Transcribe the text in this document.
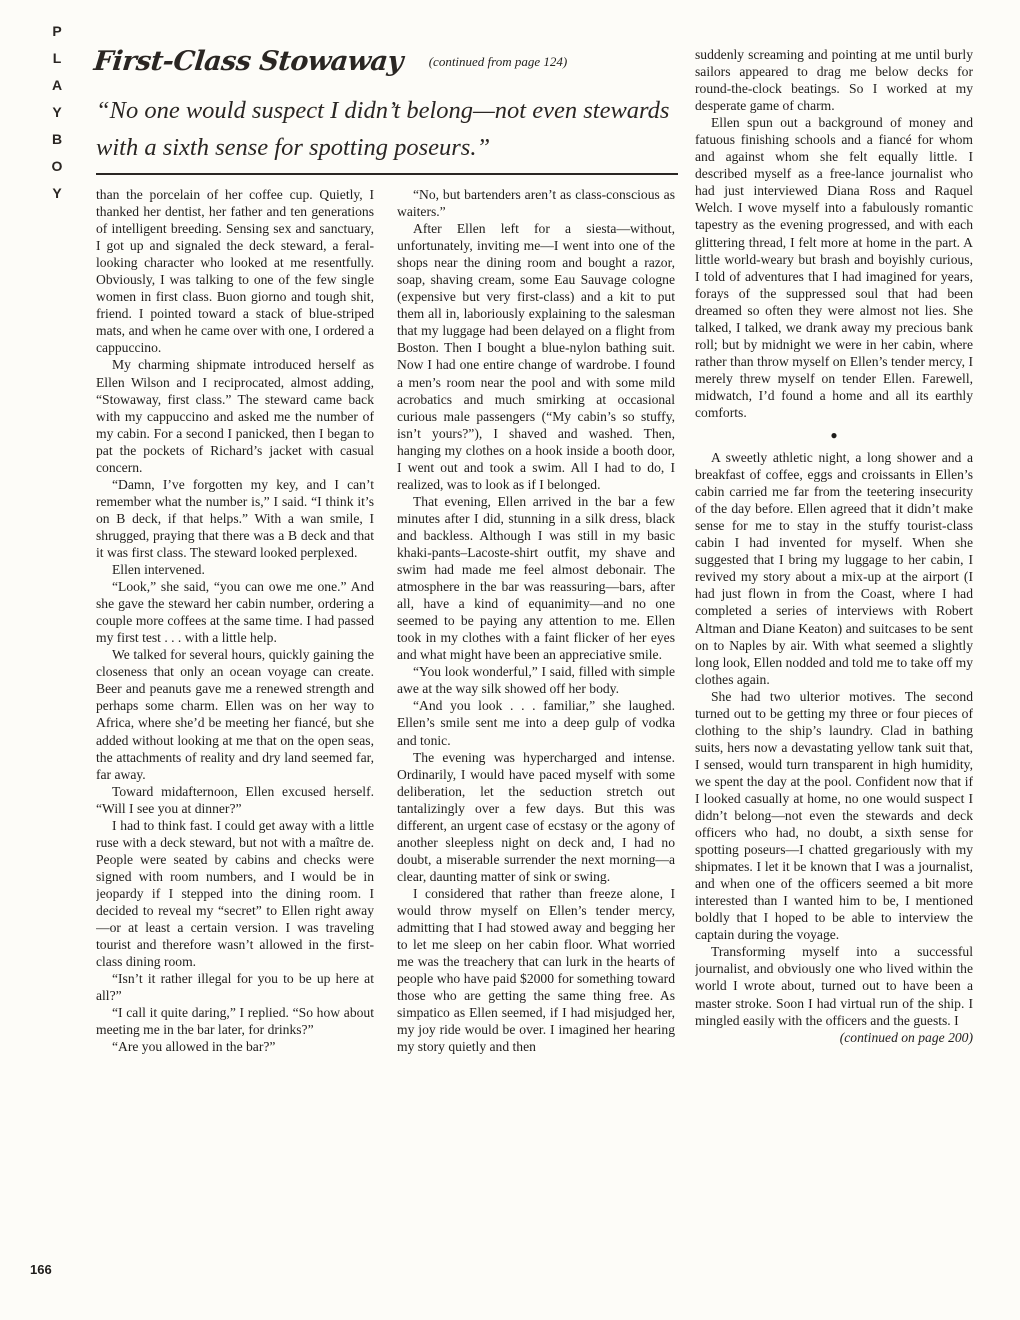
P
L
A
Y
B
O
Y
First-Class Stowaway $^{(continued from page 124)}$

“No one would suspect I didn’t belong—not even stewards with a sixth sense for spotting poseurs.”

than the porcelain of her coffee cup. Quietly, I thanked her dentist, her father and ten generations of intelligent breeding. Sensing sex and sanctuary, I got up and signaled the deck steward, a feral-looking character who looked at me resentfully. Obviously, I was talking to one of the few single women in first class. Buon giorno and tough shit, friend. I pointed toward a stack of blue-striped mats, and when he came over with one, I ordered a cappuccino.

My charming shipmate introduced herself as Ellen Wilson and I reciprocated, almost adding, “Stowaway, first class.” The steward came back with my cappuccino and asked me the number of my cabin. For a second I panicked, then I began to pat the pockets of Richard’s jacket with casual concern.

“Damn, I’ve forgotten my key, and I can’t remember what the number is,” I said. “I think it’s on B deck, if that helps.” With a wan smile, I shrugged, praying that there was a B deck and that it was first class. The steward looked perplexed.

Ellen intervened.

“Look,” she said, “you can owe me one.” And she gave the steward her cabin number, ordering a couple more coffees at the same time. I had passed my first test . . . with a little help.

We talked for several hours, quickly gaining the closeness that only an ocean voyage can create. Beer and peanuts gave me a renewed strength and perhaps some charm. Ellen was on her way to Africa, where she’d be meeting her fiancé, but she added without looking at me that on the open seas, the attachments of reality and dry land seemed far, far away.

Toward midafternoon, Ellen excused herself. “Will I see you at dinner?”

I had to think fast. I could get away with a little ruse with a deck steward, but not with a maître de. People were seated by cabins and checks were signed with room numbers, and I would be in jeopardy if I stepped into the dining room. I decided to reveal my “secret” to Ellen right away—or at least a certain version. I was traveling tourist and therefore wasn’t allowed in the first-class dining room.

“Isn’t it rather illegal for you to be up here at all?”

“I call it quite daring,” I replied. “So how about meeting me in the bar later, for drinks?”

“Are you allowed in the bar?”

“No, but bartenders aren’t as class-conscious as waiters.”

After Ellen left for a siesta—without, unfortunately, inviting me—I went into one of the shops near the dining room and bought a razor, soap, shaving cream, some Eau Sauvage cologne (expensive but very first-class) and a kit to put them all in, laboriously explaining to the salesman that my luggage had been delayed on a flight from Boston. Then I bought a blue-nylon bathing suit. Now I had one entire change of wardrobe. I found a men’s room near the pool and with some mild acrobatics and much smirking at occasional curious male passengers (“My cabin’s so stuffy, isn’t yours?”), I shaved and washed. Then, hanging my clothes on a hook inside a booth door, I went out and took a swim. All I had to do, I realized, was to look as if I belonged.

That evening, Ellen arrived in the bar a few minutes after I did, stunning in a silk dress, black and backless. Although I was still in my basic khaki-pants–Lacoste-shirt outfit, my shave and swim had made me feel almost debonair. The atmosphere in the bar was reassuring—bars, after all, have a kind of equanimity—and no one seemed to be paying any attention to me. Ellen took in my clothes with a faint flicker of her eyes and what might have been an appreciative smile.

“You look wonderful,” I said, filled with simple awe at the way silk showed off her body.

“And you look . . . familiar,” she laughed. Ellen’s smile sent me into a deep gulp of vodka and tonic.

The evening was hypercharged and intense. Ordinarily, I would have paced myself with some deliberation, let the seduction stretch out tantalizingly over a few days. But this was different, an urgent case of ecstasy or the agony of another sleepless night on deck and, I had no doubt, a miserable surrender the next morning—a clear, daunting matter of sink or swing.

I considered that rather than freeze alone, I would throw myself on Ellen’s tender mercy, admitting that I had stowed away and begging her to let me sleep on her cabin floor. What worried me was the treachery that can lurk in the hearts of people who have paid $2000 for something toward those who are getting the same thing free. As simpatico as Ellen seemed, if I had misjudged her, my joy ride would be over. I imagined her hearing my story quietly and then

suddenly screaming and pointing at me until burly sailors appeared to drag me below decks for round-the-clock beatings. So I worked at my desperate game of charm.

Ellen spun out a background of money and fatuous finishing schools and a fiancé for whom and against whom she felt equally little. I described myself as a free-lance journalist who had just interviewed Diana Ross and Raquel Welch. I wove myself into a fabulously romantic tapestry as the evening progressed, and with each glittering thread, I felt more at home in the part. A little world-weary but brash and boyishly curious, I told of adventures that I had imagined for years, forays of the suppressed soul that had been dreamed so often they were almost not lies. She talked, I talked, we drank away my precious bank roll; but by midnight we were in her cabin, where rather than throw myself on Ellen’s tender mercy, I merely threw myself on tender Ellen. Farewell, midwatch, I’d found a home and all its earthly comforts.

●

A sweetly athletic night, a long shower and a breakfast of coffee, eggs and croissants in Ellen’s cabin carried me far from the teetering insecurity of the day before. Ellen agreed that it didn’t make sense for me to stay in the stuffy tourist-class cabin I had invented for myself. When she suggested that I bring my luggage to her cabin, I revived my story about a mix-up at the airport (I had just flown in from the Coast, where I had completed a series of interviews with Robert Altman and Diane Keaton) and suitcases to be sent on to Naples by air. With what seemed a slightly long look, Ellen nodded and told me to take off my clothes again.

She had two ulterior motives. The second turned out to be getting my three or four pieces of clothing to the ship’s laundry. Clad in bathing suits, hers now a devastating yellow tank suit that, I sensed, would turn transparent in high humidity, we spent the day at the pool. Confident now that if I looked casually at home, no one would suspect I didn’t belong—not even the stewards and deck officers who had, no doubt, a sixth sense for spotting poseurs—I chatted gregariously with my shipmates. I let it be known that I was a journalist, and when one of the officers seemed a bit more interested than I wanted him to be, I mentioned boldly that I hoped to be able to interview the captain during the voyage.

Transforming myself into a successful journalist, and obviously one who lived within the world I wrote about, turned out to have been a master stroke. Soon I had virtual run of the ship. I mingled easily with the officers and the guests. I

(continued on page 200)

166
